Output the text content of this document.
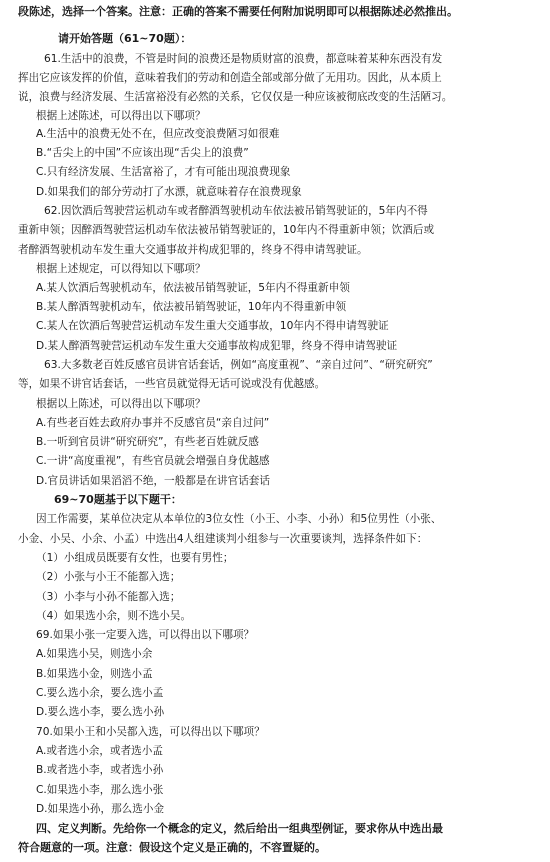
段陈述，选择一个答案。注意：正确的答案不需要任何附加说明即可以根据陈述必然推出。
请开始答题（61~70题）：
61.生活中的浪费，不管是时间的浪费还是物质财富的浪费，都意味着某种东西没有发
挥出它应该发挥的价值，意味着我们的劳动和创造全部或部分做了无用功。因此，从本质上
说，浪费与经济发展、生活富裕没有必然的关系，它仅仅是一种应该被彻底改变的生活陋习。
根据上述陈述，可以得出以下哪项？
A.生活中的浪费无处不在，但应改变浪费陋习如很难
B.“舌尖上的中国”不应该出现“舌尖上的浪费”
C.只有经济发展、生活富裕了，才有可能出现浪费现象
D.如果我们的部分劳动打了水漂，就意味着存在浪费现象
62.因饮酒后驾驶营运机动车或者醉酒驾驶机动车依法被吊销驾驶证的，5年内不得
重新申领；因醉酒驾驶营运机动车依法被吊销驾驶证的，10年内不得重新申领；饮酒后或
者醉酒驾驶机动车发生重大交通事故并构成犯罪的，终身不得申请驾驶证。
根据上述规定，可以得知以下哪项？
A.某人饮酒后驾驶机动车，依法被吊销驾驶证，5年内不得重新申领
B.某人醉酒驾驶机动车，依法被吊销驾驶证，10年内不得重新申领
C.某人在饮酒后驾驶营运机动车发生重大交通事故，10年内不得申请驾驶证
D.某人醉酒驾驶营运机动车发生重大交通事故构成犯罪，终身不得申请驾驶证
63.大多数老百姓反感官员讲官话套话，例如“高度重视”、“亲自过问”、“研究研究”
等，如果不讲官话套话，一些官员就觉得无话可说或没有优越感。
根据以上陈述，可以得出以下哪项？
A.有些老百姓去政府办事并不反感官员“亲自过问”
B.一听到官员讲“研究研究”，有些老百姓就反感
C.一讲“高度重视”，有些官员就会增强自身优越感
D.官员讲话如果滔滔不绝，一般都是在讲官话套话
69~70题基于以下题干：
因工作需要，某单位决定从本单位的3位女性（小王、小李、小孙）和5位男性（小张、
小金、小吴、小余、小孟）中选出4人组建谈判小组参与一次重要谈判，选择条件如下：
（1）小组成员既要有女性，也要有男性；
（2）小张与小王不能都入选；
（3）小李与小孙不能都入选；
（4）如果选小余，则不选小吴。
69.如果小张一定要入选，可以得出以下哪项？
A.如果选小吴，则选小余
B.如果选小金，则选小孟
C.要么选小余，要么选小孟
D.要么选小李，要么选小孙
70.如果小王和小吴都入选，可以得出以下哪项？
A.或者选小余，或者选小孟
B.或者选小李，或者选小孙
C.如果选小李，那么选小张
D.如果选小孙，那么选小金
四、定义判断。先给你一个概念的定义，然后给出一组典型例证，要求你从中选出最
符合题意的一项。注意：假设这个定义是正确的，不容置疑的。
